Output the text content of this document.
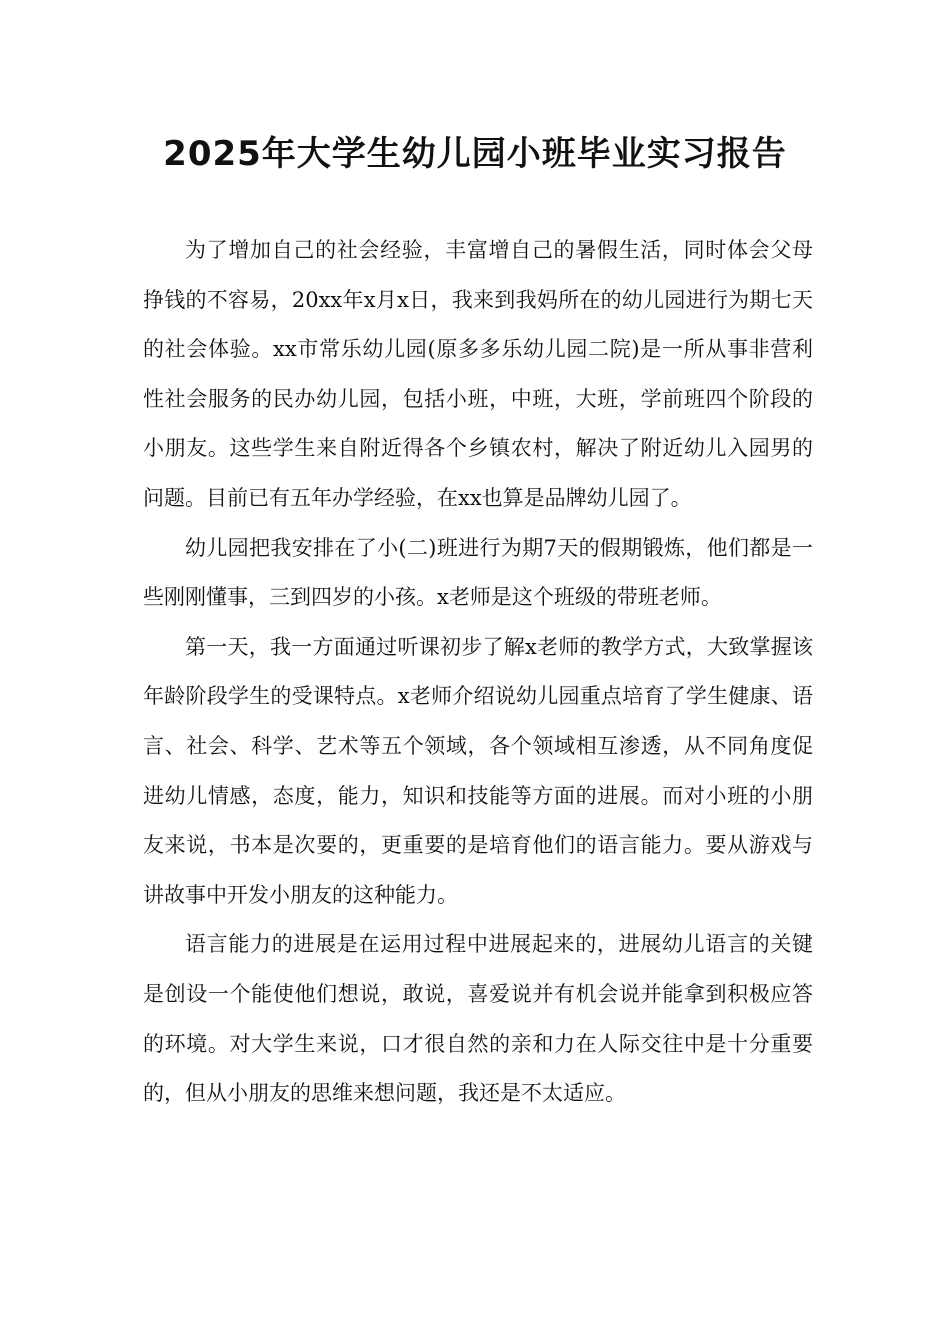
2025年大学生幼儿园小班毕业实习报告

为了增加自己的社会经验，丰富增自己的暑假生活，同时体会父母挣钱的不容易，20xx年x月x日，我来到我妈所在的幼儿园进行为期七天的社会体验。xx市常乐幼儿园(原多多乐幼儿园二院)是一所从事非营利性社会服务的民办幼儿园，包括小班，中班，大班，学前班四个阶段的小朋友。这些学生来自附近得各个乡镇农村，解决了附近幼儿入园男的问题。目前已有五年办学经验，在xx也算是品牌幼儿园了。

幼儿园把我安排在了小(二)班进行为期7天的假期锻炼，他们都是一些刚刚懂事，三到四岁的小孩。x老师是这个班级的带班老师。

第一天，我一方面通过听课初步了解x老师的教学方式，大致掌握该年龄阶段学生的受课特点。x老师介绍说幼儿园重点培育了学生健康、语言、社会、科学、艺术等五个领域，各个领域相互渗透，从不同角度促进幼儿情感，态度，能力，知识和技能等方面的进展。而对小班的小朋友来说，书本是次要的，更重要的是培育他们的语言能力。要从游戏与讲故事中开发小朋友的这种能力。

语言能力的进展是在运用过程中进展起来的，进展幼儿语言的关键是创设一个能使他们想说，敢说，喜爱说并有机会说并能拿到积极应答的环境。对大学生来说，口才很自然的亲和力在人际交往中是十分重要的，但从小朋友的思维来想问题，我还是不太适应。
